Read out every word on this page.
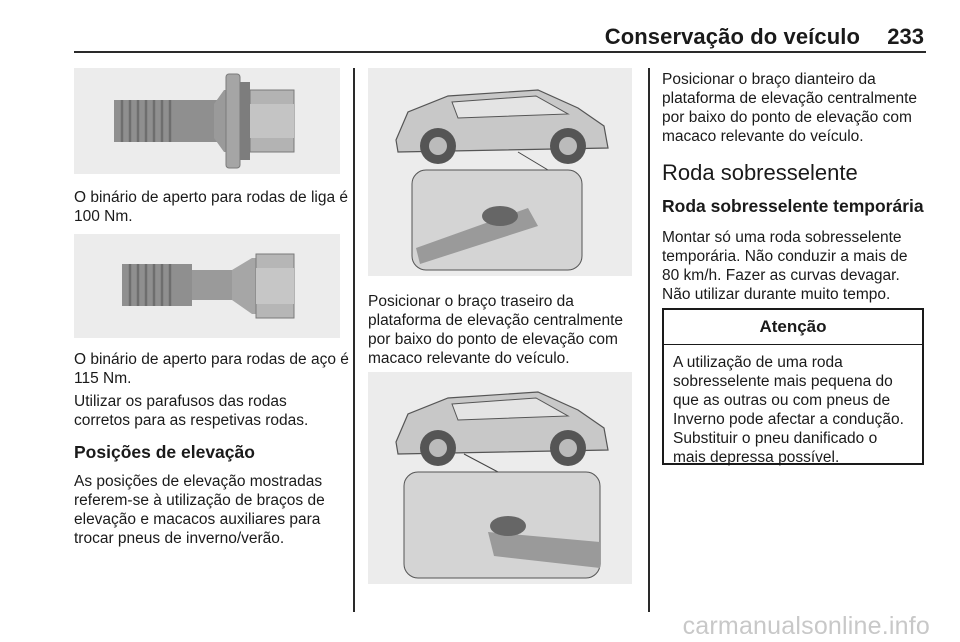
Conservação do veículo	233

O binário de aperto para rodas de liga é 100 Nm.

O binário de aperto para rodas de aço é 115 Nm.

Utilizar os parafusos das rodas corretos para as respetivas rodas.

Posições de elevação

As posições de elevação mostradas referem-se à utilização de braços de elevação e macacos auxiliares para trocar pneus de inverno/verão.

Posicionar o braço traseiro da plataforma de elevação centralmente por baixo do ponto de elevação com macaco relevante do veículo.

Posicionar o braço dianteiro da plataforma de elevação centralmente por baixo do ponto de elevação com macaco relevante do veículo.

Roda sobresselente
Roda sobresselente temporária

Montar só uma roda sobresselente temporária. Não conduzir a mais de 80 km/h. Fazer as curvas devagar. Não utilizar durante muito tempo.

Atenção
A utilização de uma roda sobresselente mais pequena do que as outras ou com pneus de Inverno pode afectar a condução. Substituir o pneu danificado o mais depressa possível.
carmanualsonline.info
